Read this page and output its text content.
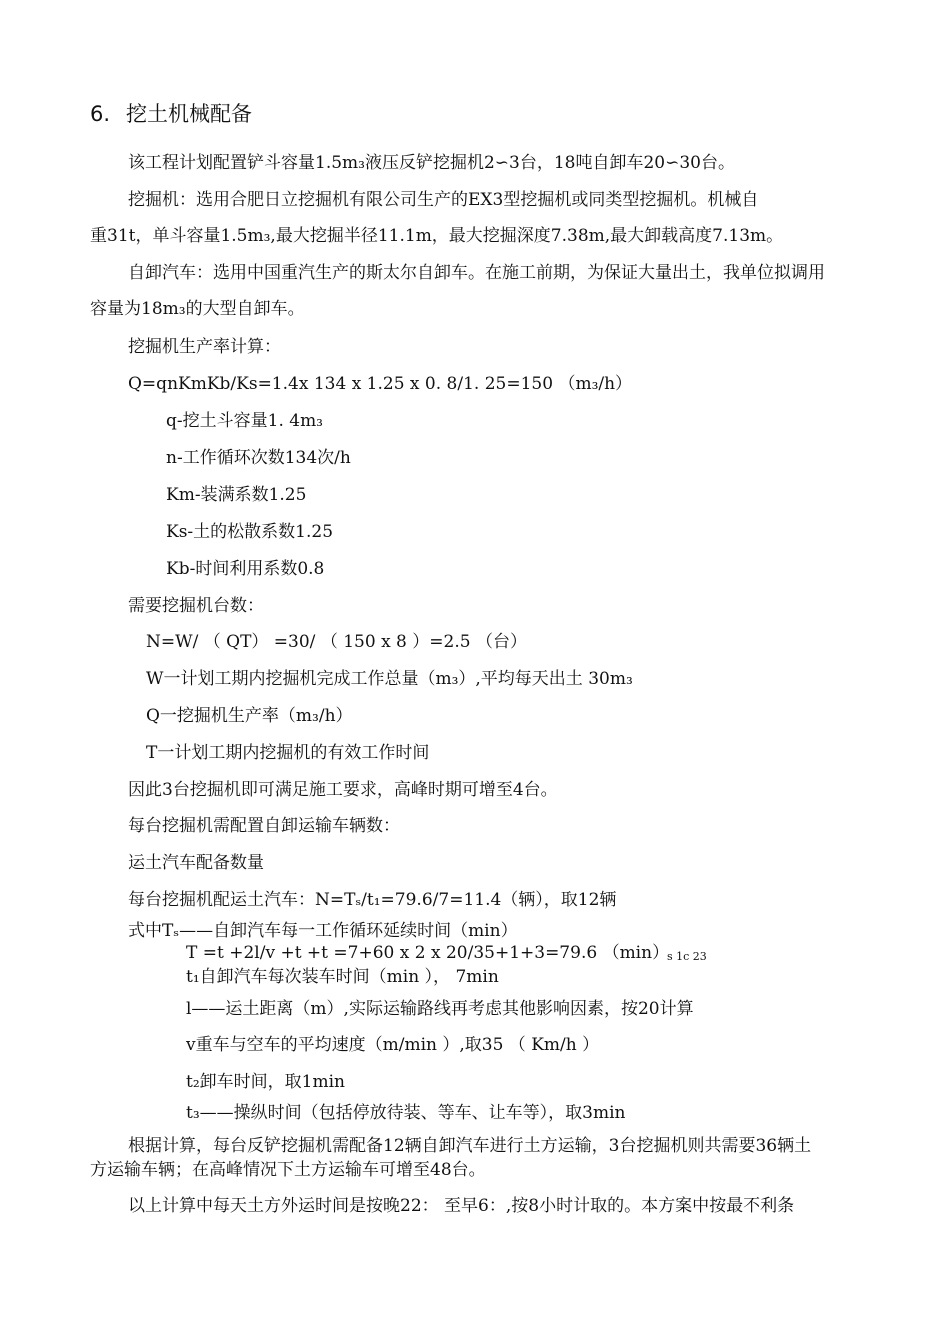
6. 挖土机械配备
该工程计划配置铲斗容量1.5m₃液压反铲挖掘机2∽3台，18吨自卸车20∽30台。
挖掘机：选用合肥日立挖掘机有限公司生产的EX3型挖掘机或同类型挖掘机。机械自
重31t，单斗容量1.5m₃,最大挖掘半径11.1m，最大挖掘深度7.38m,最大卸载高度7.13m。
自卸汽车：选用中国重汽生产的斯太尔自卸车。在施工前期，为保证大量出土，我单位拟调用
容量为18m₃的大型自卸车。
挖掘机生产率计算：
Q=qnKmKb/Ks=1.4x 134 x 1.25 x 0. 8/1. 25=150 （m₃/h）
q-挖土斗容量1. 4m₃
n-工作循环次数134次/h
Km-装满系数1.25
Ks-土的松散系数1.25
Kb-时间利用系数0.8
需要挖掘机台数：
N=W/ （ QT） =30/ （ 150 x 8 ）=2.5 （台）
W一计划工期内挖掘机完成工作总量（m₃）,平均每天出土 30m₃
Q一挖掘机生产率（m₃/h）
T一计划工期内挖掘机的有效工作时间
因此3台挖掘机即可满足施工要求，高峰时期可增至4台。
每台挖掘机需配置自卸运输车辆数：
运土汽车配备数量
每台挖掘机配运土汽车：N=Tₛ/t₁=79.6/7=11.4（辆），取12辆
式中Tₛ——自卸汽车每一工作循环延续时间（min）
T =t +2l/v +t +t =7+60 x 2 x 20/35+1+3=79.6 （min）
s 1c 23
t₁自卸汽车每次装车时间（min ）， 7min
l——运土距离（m）,实际运输路线再考虑其他影响因素，按20计算
v重车与空车的平均速度（m/min ）,取35 （ Km/h ）
t₂卸车时间，取1min
t₃——操纵时间（包括停放待装、等车、让车等），取3min
根据计算，每台反铲挖掘机需配备12辆自卸汽车进行土方运输，3台挖掘机则共需要36辆土
方运输车辆；在高峰情况下土方运输车可增至48台。
以上计算中每天土方外运时间是按晚22： 至早6：,按8小时计取的。本方案中按最不利条
